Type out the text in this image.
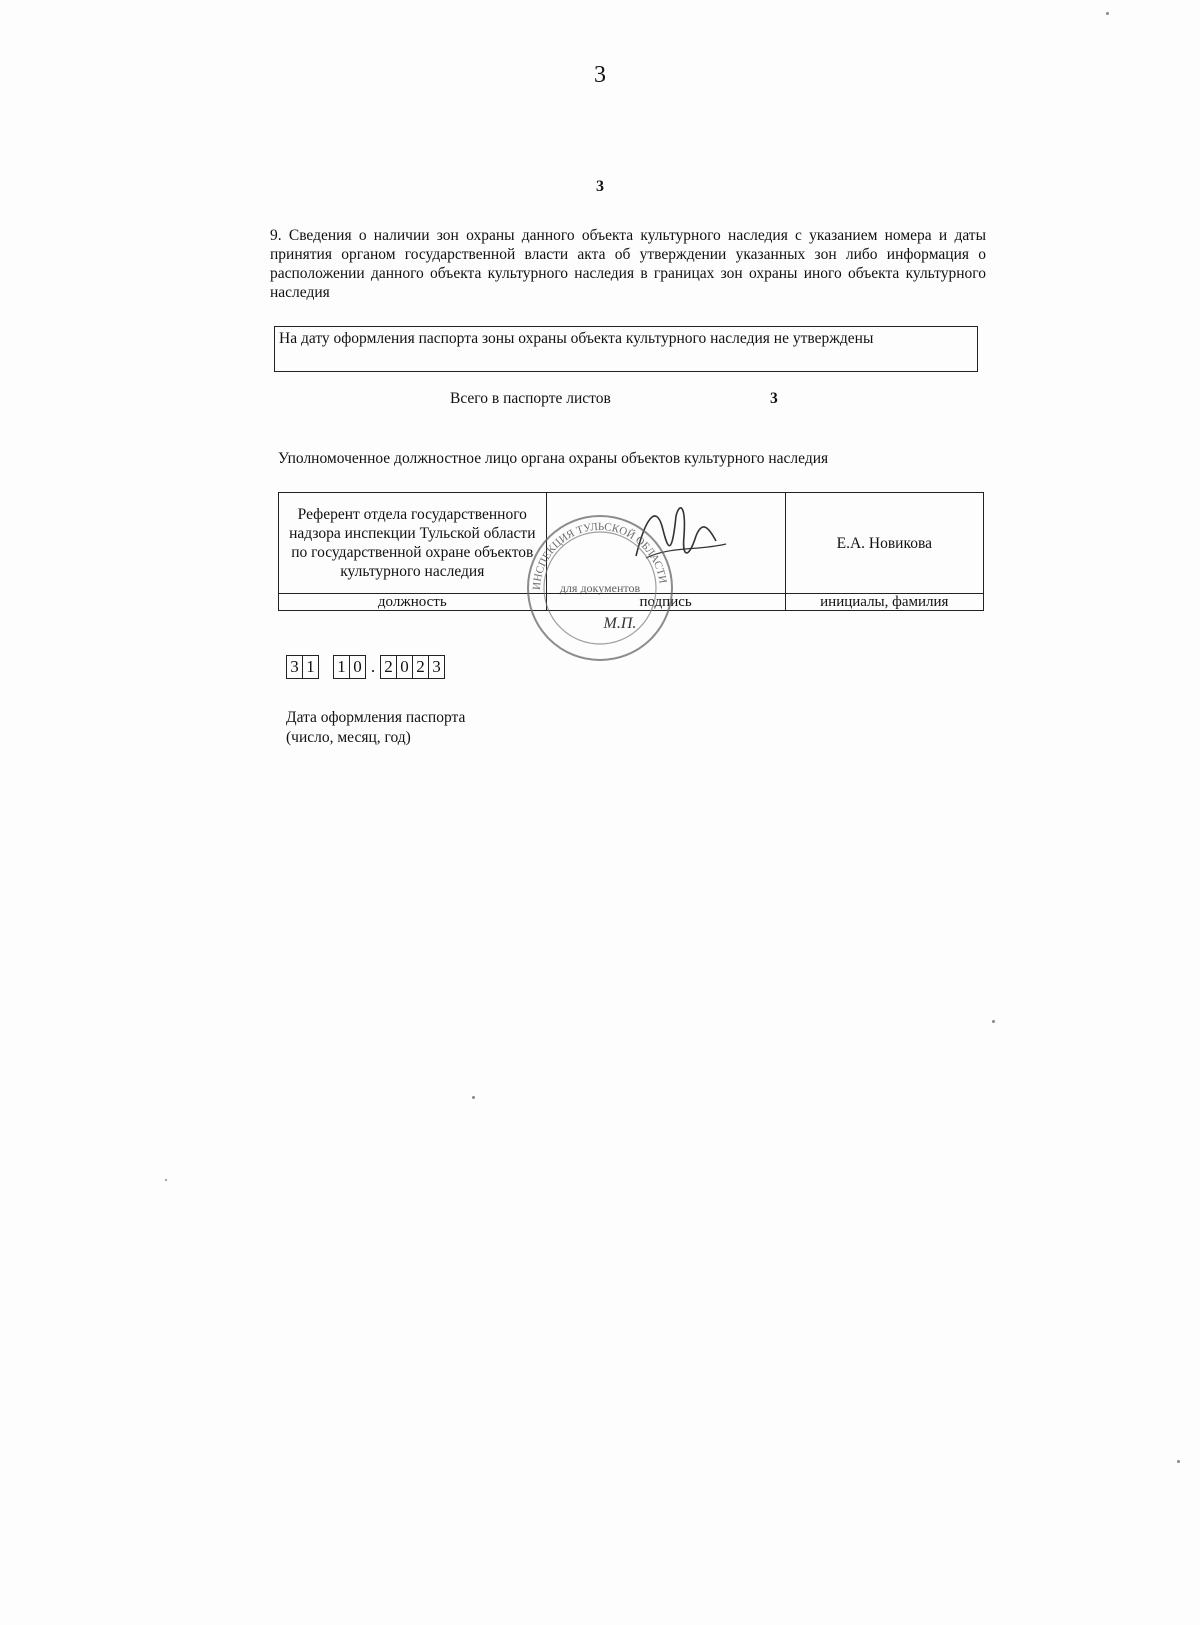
3
3
9. Сведения о наличии зон охраны данного объекта культурного наследия с указанием номера и даты принятия органом государственной власти акта об утверждении указанных зон либо информация о расположении данного объекта культурного наследия в границах зон охраны иного объекта культурного наследия
На дату оформления паспорта зоны охраны объекта культурного наследия не утверждены
Всего в паспорте листов	3
Уполномоченное должностное лицо органа охраны объектов культурного наследия
Референт отдела государственного надзора инспекции Тульской области по государственной охране объектов культурного наследия		Е.А. Новикова
должность	подпись	инициалы, фамилия
ИНСПЕКЦИЯ ТУЛЬСКОЙ ОБЛАСТИ
для документов
М.П.
3 1 1 0 . 2 0 2 3
Дата оформления паспорта
(число, месяц, год)
